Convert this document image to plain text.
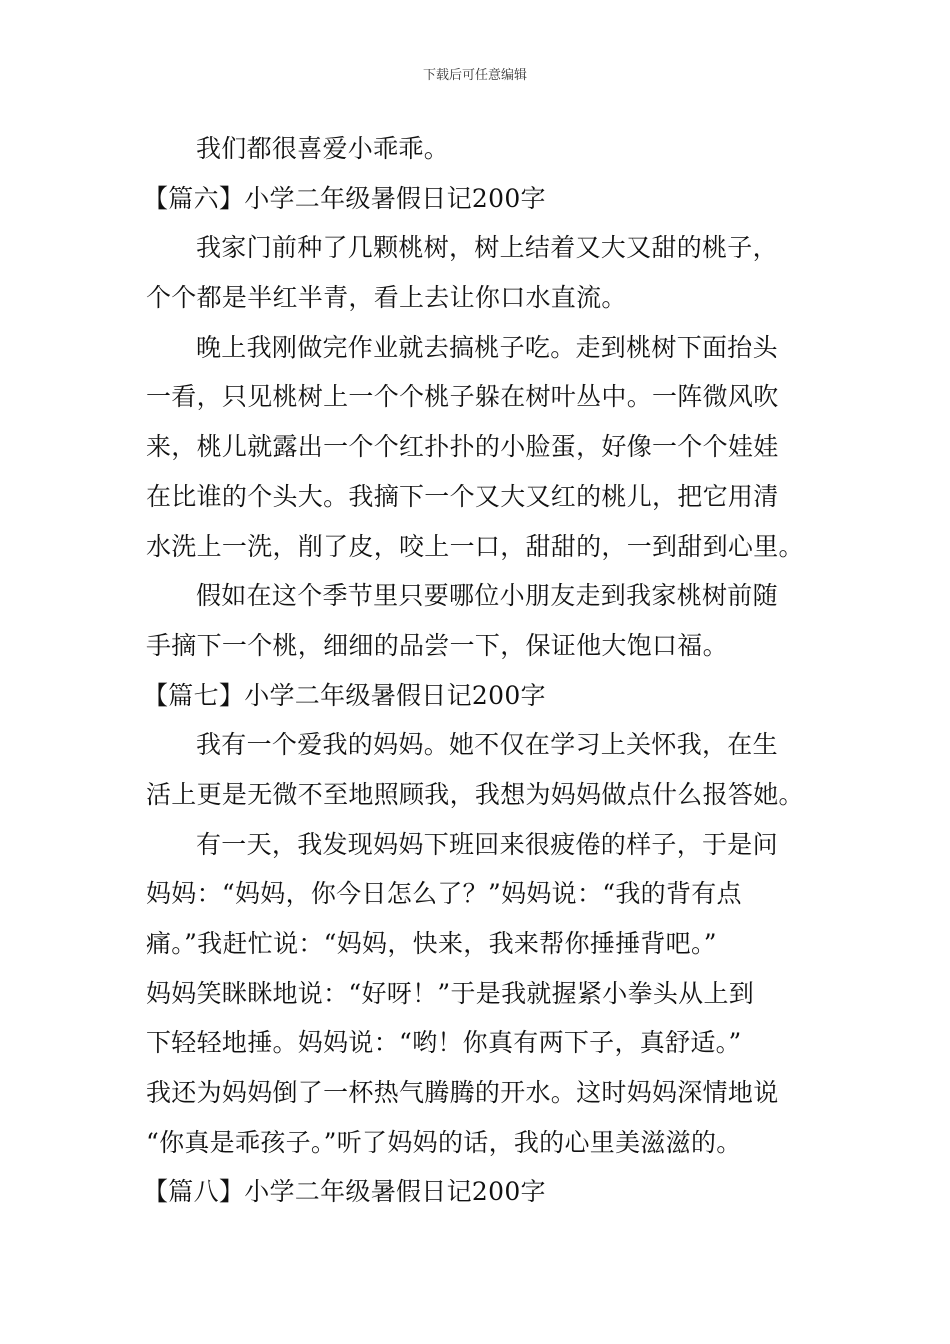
下载后可任意编辑
我们都很喜爱小乖乖。
【篇六】小学二年级暑假日记200字
我家门前种了几颗桃树，树上结着又大又甜的桃子，
个个都是半红半青，看上去让你口水直流。
晚上我刚做完作业就去搞桃子吃。走到桃树下面抬头
一看，只见桃树上一个个桃子躲在树叶丛中。一阵微风吹
来，桃儿就露出一个个红扑扑的小脸蛋，好像一个个娃娃
在比谁的个头大。我摘下一个又大又红的桃儿，把它用清
水洗上一洗，削了皮，咬上一口，甜甜的，一到甜到心里。
假如在这个季节里只要哪位小朋友走到我家桃树前随
手摘下一个桃，细细的品尝一下，保证他大饱口福。
【篇七】小学二年级暑假日记200字
我有一个爱我的妈妈。她不仅在学习上关怀我，在生
活上更是无微不至地照顾我，我想为妈妈做点什么报答她。
有一天，我发现妈妈下班回来很疲倦的样子，于是问
妈妈：“妈妈，你今日怎么了？”妈妈说：“我的背有点
痛。”我赶忙说：“妈妈，快来，我来帮你捶捶背吧。”
妈妈笑眯眯地说：“好呀！”于是我就握紧小拳头从上到
下轻轻地捶。妈妈说：“哟！你真有两下子，真舒适。”
我还为妈妈倒了一杯热气腾腾的开水。这时妈妈深情地说
“你真是乖孩子。”听了妈妈的话，我的心里美滋滋的。
【篇八】小学二年级暑假日记200字
